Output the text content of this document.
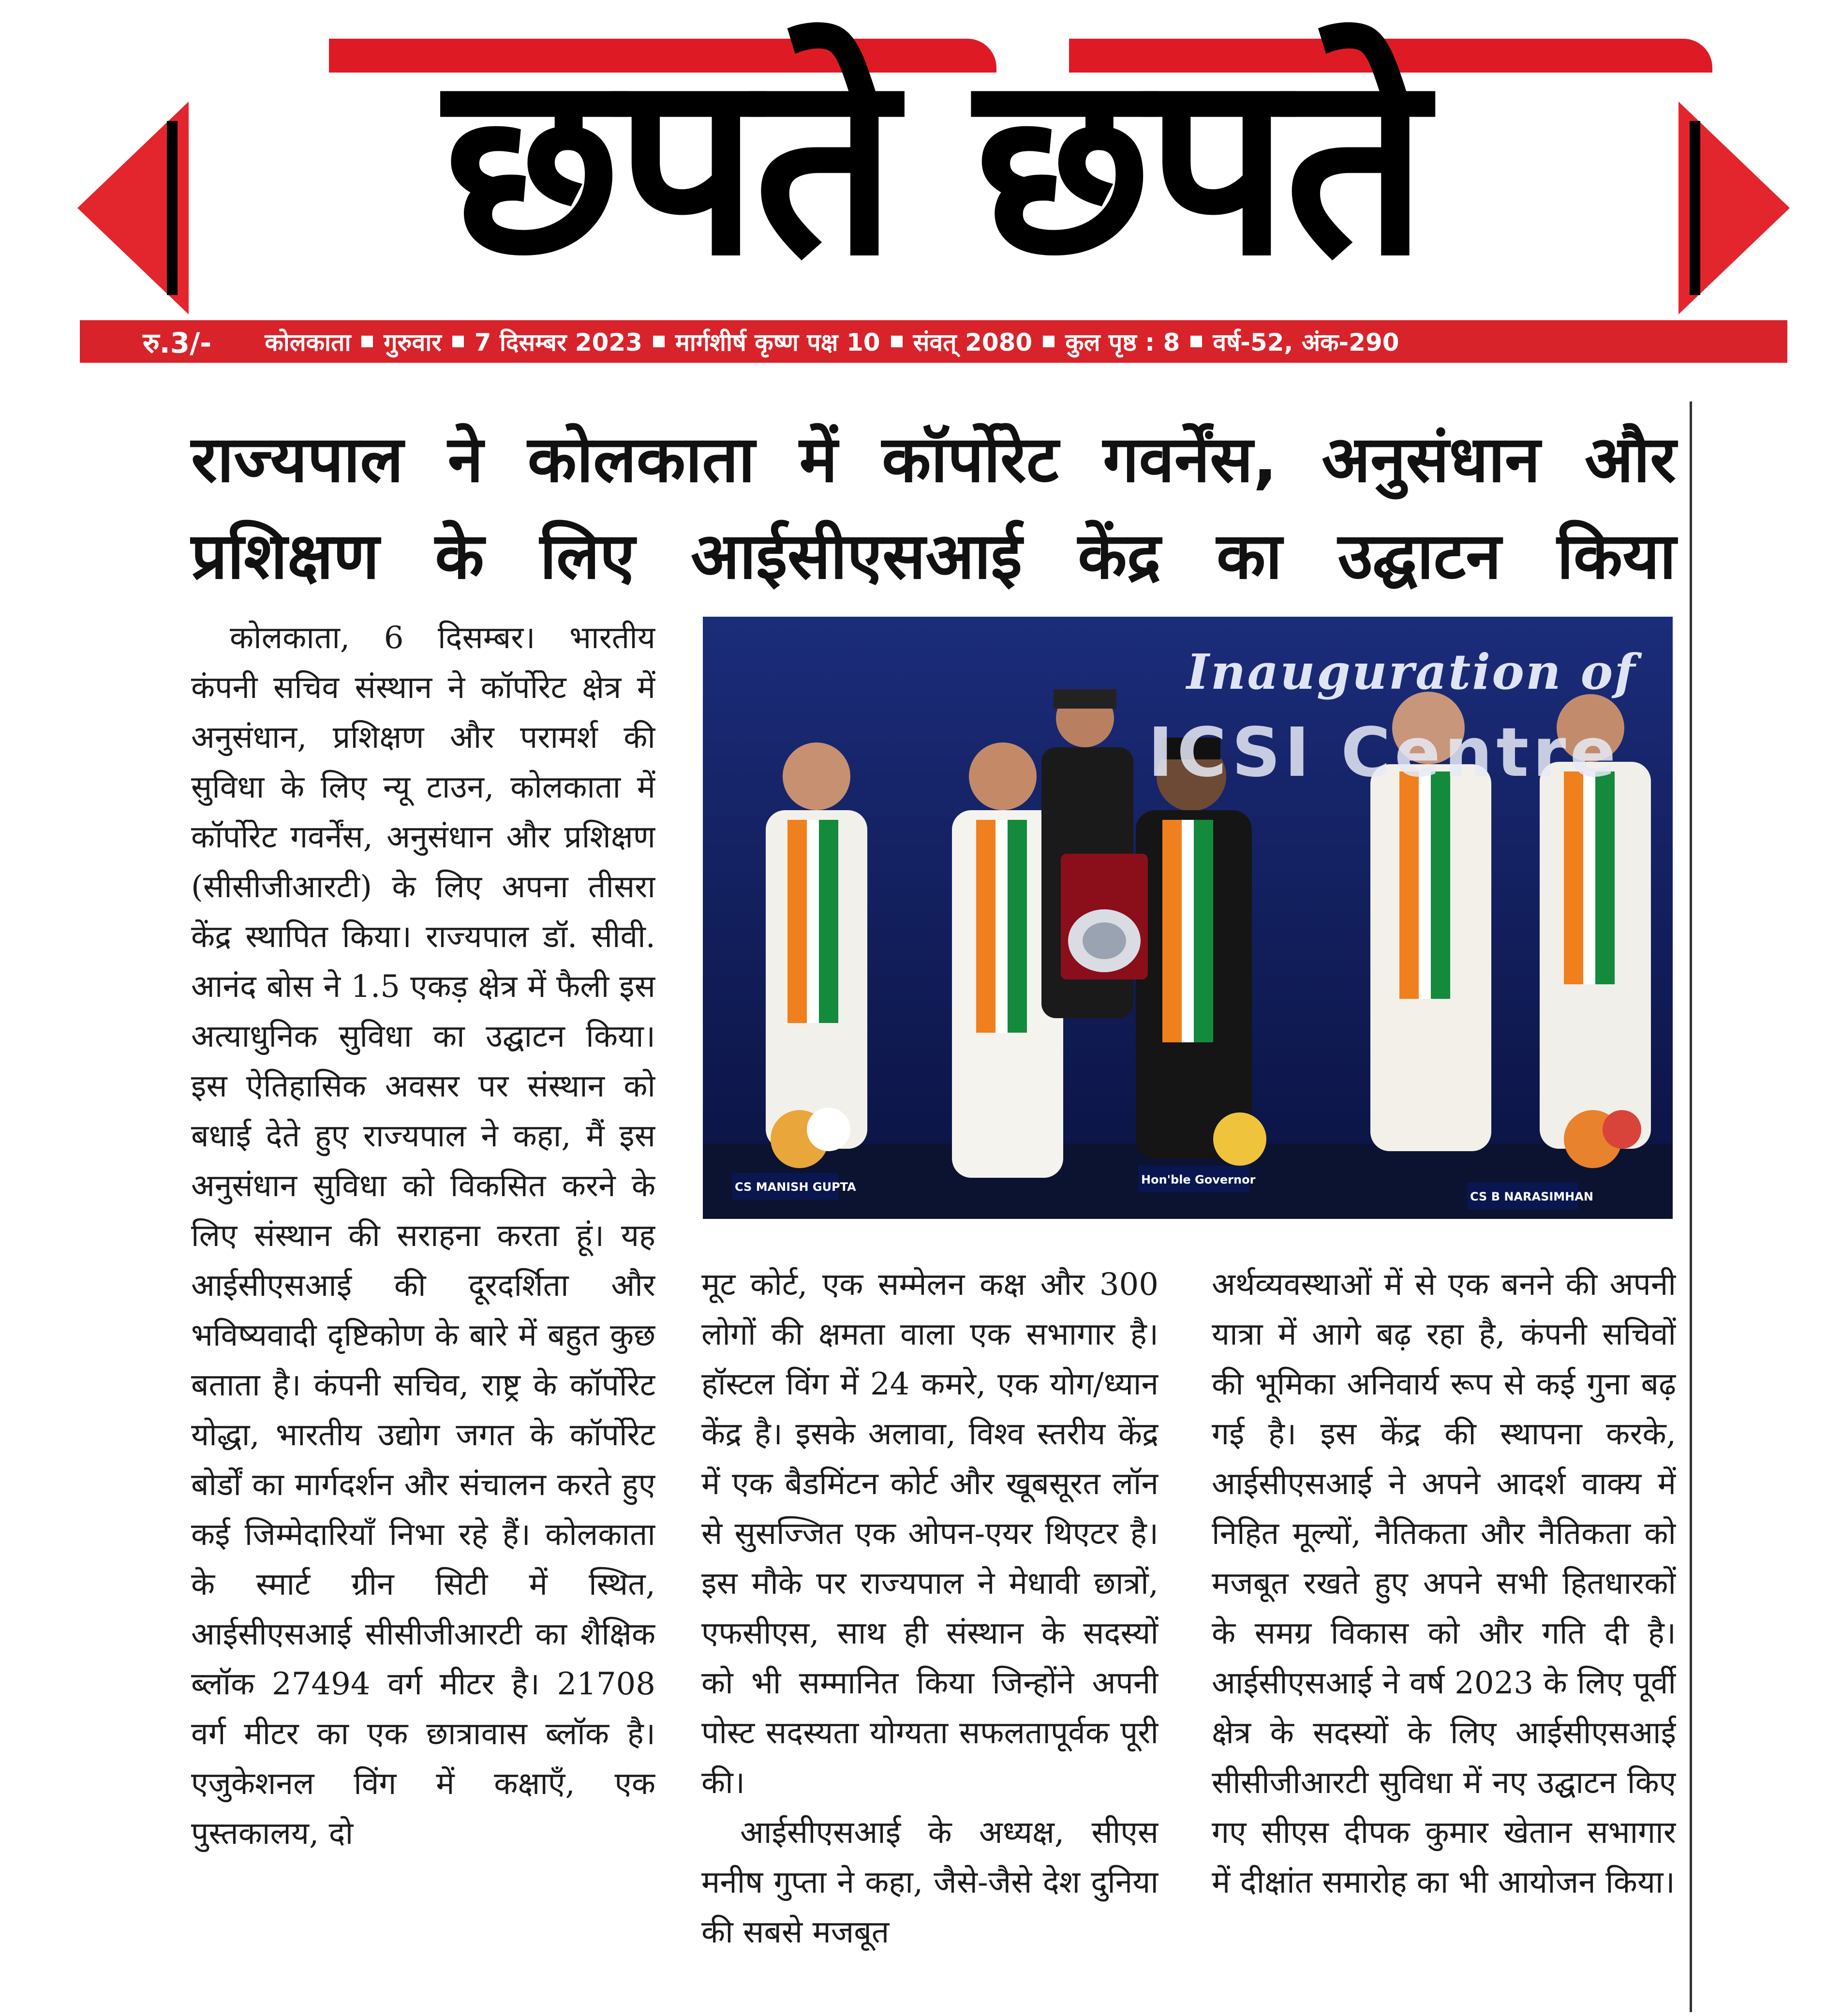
छपते छपते
रु.3/- कोलकाता गुरुवार 7 दिसम्बर 2023 मार्गशीर्ष कृष्ण पक्ष 10 संवत् 2080 कुल पृष्ठ : 8 वर्ष-52, अंक-290
राज्यपाल ने कोलकाता में कॉर्पोरेट गवर्नेंस, अनुसंधान और
प्रशिक्षण के लिए आईसीएसआई केंद्र का उद्घाटन किया

कोलकाता, 6 दिसम्बर। भारतीय कंपनी सचिव संस्थान ने कॉर्पोरेट क्षेत्र में अनुसंधान, प्रशिक्षण और परामर्श की सुविधा के लिए न्यू टाउन, कोलकाता में कॉर्पोरेट गवर्नेंस, अनुसंधान और प्रशिक्षण (सीसीजीआरटी) के लिए अपना तीसरा केंद्र स्थापित किया। राज्यपाल डॉ. सीवी. आनंद बोस ने 1.5 एकड़ क्षेत्र में फैली इस अत्याधुनिक सुविधा का उद्घाटन किया। इस ऐतिहासिक अवसर पर संस्थान को बधाई देते हुए राज्यपाल ने कहा, मैं इस अनुसंधान सुविधा को विकसित करने के लिए संस्थान की सराहना करता हूं। यह आईसीएसआई की दूरदर्शिता और भविष्यवादी दृष्टिकोण के बारे में बहुत कुछ बताता है। कंपनी सचिव, राष्ट्र के कॉर्पोरेट योद्धा, भारतीय उद्योग जगत के कॉर्पोरेट बोर्डों का मार्गदर्शन और संचालन करते हुए कई जिम्मेदारियाँ निभा रहे हैं। कोलकाता के स्मार्ट ग्रीन सिटी में स्थित, आईसीएसआई सीसीजीआरटी का शैक्षिक ब्लॉक 27494 वर्ग मीटर है। 21708 वर्ग मीटर का एक छात्रावास ब्लॉक है। एजुकेशनल विंग में कक्षाएँ, एक पुस्तकालय, दो

Inauguration of
ICSI Centre
CS MANISH GUPTA
Hon'ble Governor
CS B NARASIMHAN

मूट कोर्ट, एक सम्मेलन कक्ष और 300 लोगों की क्षमता वाला एक सभागार है। हॉस्टल विंग में 24 कमरे, एक योग/ध्यान केंद्र है। इसके अलावा, विश्व स्तरीय केंद्र में एक बैडमिंटन कोर्ट और खूबसूरत लॉन से सुसज्जित एक ओपन-एयर थिएटर है। इस मौके पर राज्यपाल ने मेधावी छात्रों, एफसीएस, साथ ही संस्थान के सदस्यों को भी सम्मानित किया जिन्होंने अपनी पोस्ट सदस्यता योग्यता सफलतापूर्वक पूरी की।

आईसीएसआई के अध्यक्ष, सीएस मनीष गुप्ता ने कहा, जैसे-जैसे देश दुनिया की सबसे मजबूत

अर्थव्यवस्थाओं में से एक बनने की अपनी यात्रा में आगे बढ़ रहा है, कंपनी सचिवों की भूमिका अनिवार्य रूप से कई गुना बढ़ गई है। इस केंद्र की स्थापना करके, आईसीएसआई ने अपने आदर्श वाक्य में निहित मूल्यों, नैतिकता और नैतिकता को मजबूत रखते हुए अपने सभी हितधारकों के समग्र विकास को और गति दी है। आईसीएसआई ने वर्ष 2023 के लिए पूर्वी क्षेत्र के सदस्यों के लिए आईसीएसआई सीसीजीआरटी सुविधा में नए उद्घाटन किए गए सीएस दीपक कुमार खेतान सभागार में दीक्षांत समारोह का भी आयोजन किया।
